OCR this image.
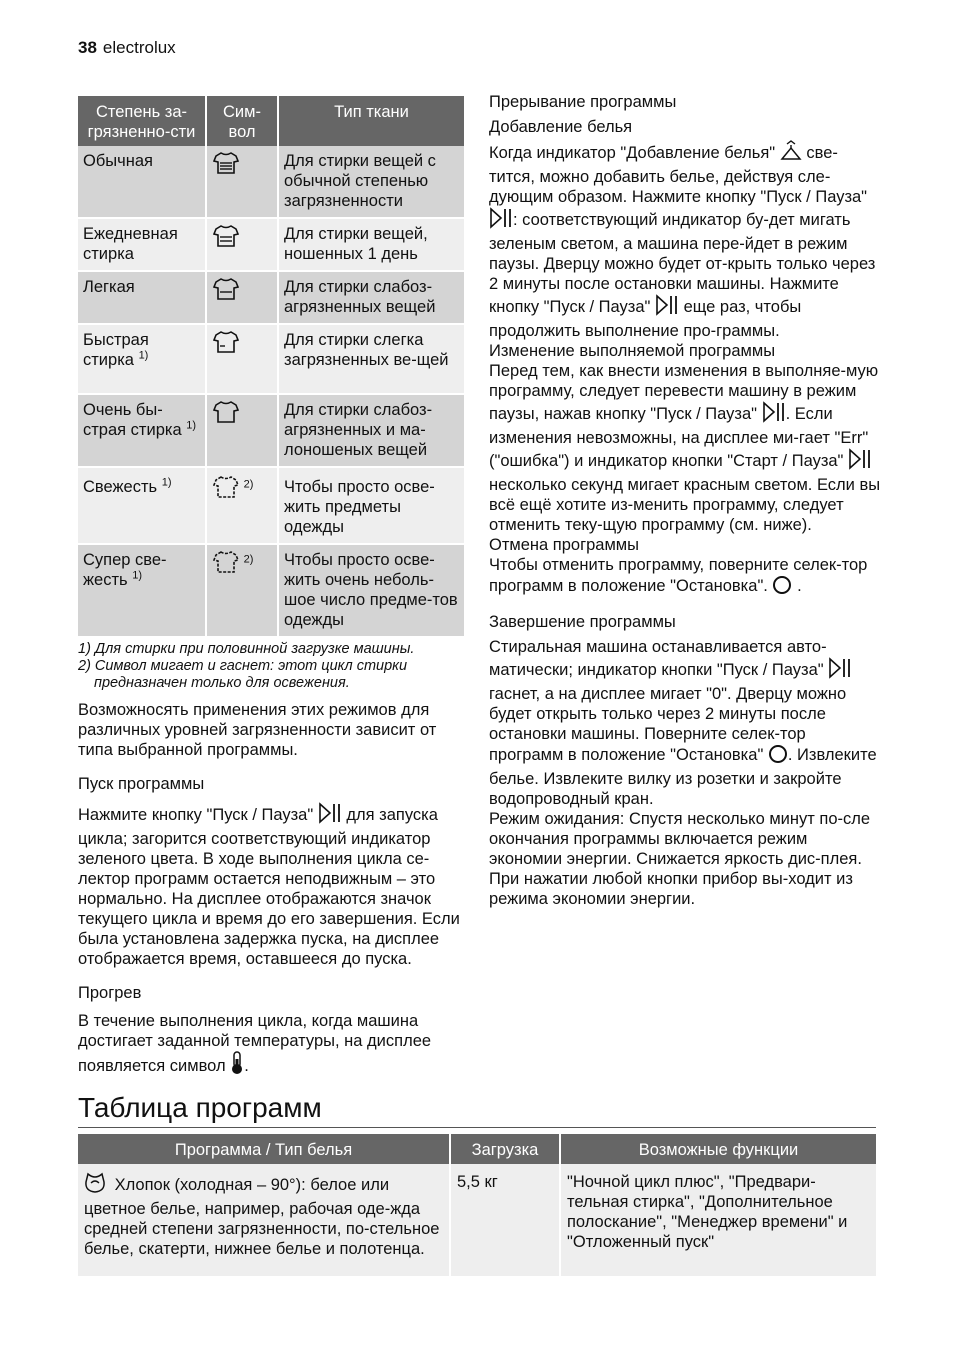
38 electrolux
Степень за-грязненно-сти	Сим-вол	Тип ткани
Обычная		Для стирки вещей с обычной степенью загрязненности
Ежедневная стирка		Для стирки вещей, ношенных 1 день
Легкая		Для стирки слабоз-агрязненных вещей
Быстрая стирка $^{1)}$		Для стирки слегка загрязненных ве-щей
Очень бы-страя стирка $^{1)}$		Для стирки слабоз-агрязненных и ма-лоношеных вещей
Свежесть $^{1)}$	$^{2)}$	Чтобы просто осве-жить предметы одежды
Супер све-жесть $^{1)}$	$^{2)}$	Чтобы просто осве-жить очень неболь-шое число предме-тов одежды
1) Для стирки при половинной загрузке машины.
2) Символ мигает и гаснет: этот цикл стирки
предназначен только для освежения.

Возможносять применения этих режимов для различных уровней загрязненности зависит от типа выбранной программы.

Пуск программы

Нажмите кнопку "Пуск / Пауза" для запуска цикла; загорится соответствующий индикатор зеленого цвета. В ходе выполнения цикла се-лектор программ остается неподвижным – это нормально. На дисплее отображаются значок текущего цикла и время до его завершения. Если была установлена задержка пуска, на дисплее отображается время, оставшееся до пуска.

Прогрев

В течение выполнения цикла, когда машина достигает заданной температуры, на дисплее появляется символ .

Прерывание программы

Добавление белья

Когда индикатор "Добавление белья" све-тится, можно добавить белье, действуя сле-дующим образом. Нажмите кнопку "Пуск / Пауза" : соответствующий индикатор бу-дет мигать зеленым светом, а машина пере-йдет в режим паузы. Дверцу можно будет от-крыть только через 2 минуты после остановки машины. Нажмите кнопку "Пуск / Пауза" еще раз, чтобы продолжить выполнение про-граммы.

Изменение выполняемой программы

Перед тем, как внести изменения в выполняе-мую программу, следует перевести машину в режим паузы, нажав кнопку "Пуск / Пауза" . Если изменения невозможны, на дисплее ми-гает "Err" ("ошибка") и индикатор кнопки "Старт / Пауза"  несколько секунд мигает красным светом. Если вы всё ещё хотите из-менить программу, следует отменить теку-щую программу (см. ниже).

Отмена программы

Чтобы отменить программу, поверните селек-тор программ в положение "Остановка". .

Завершение программы

Стиральная машина останавливается авто-матически; индикатор кнопки "Пуск / Пауза"  гаснет, а на дисплее мигает "0". Дверцу можно будет открыть только через 2 минуты после остановки машины. Поверните селек-тор программ в положение "Остановка" . Извлеките белье. Извлеките вилку из розетки и закройте водопроводный кран.

Режим ожидания: Спустя несколько минут по-сле окончания программы включается режим экономии энергии. Снижается яркость дис-плея. При нажатии любой кнопки прибор вы-ходит из режима экономии энергии.

Таблица программ
Программа / Тип белья	Загрузка	Возможные функции
Хлопок (холодная – 90°): белое или цветное белье, например, рабочая оде-жда средней степени загрязненности, по-стельное белье, скатерти, нижнее белье и полотенца.	5,5 кг	"Ночной цикл плюс", "Предвари-тельная стирка", "Дополнительное полоскание", "Менеджер времени" и "Отложенный пуск"
